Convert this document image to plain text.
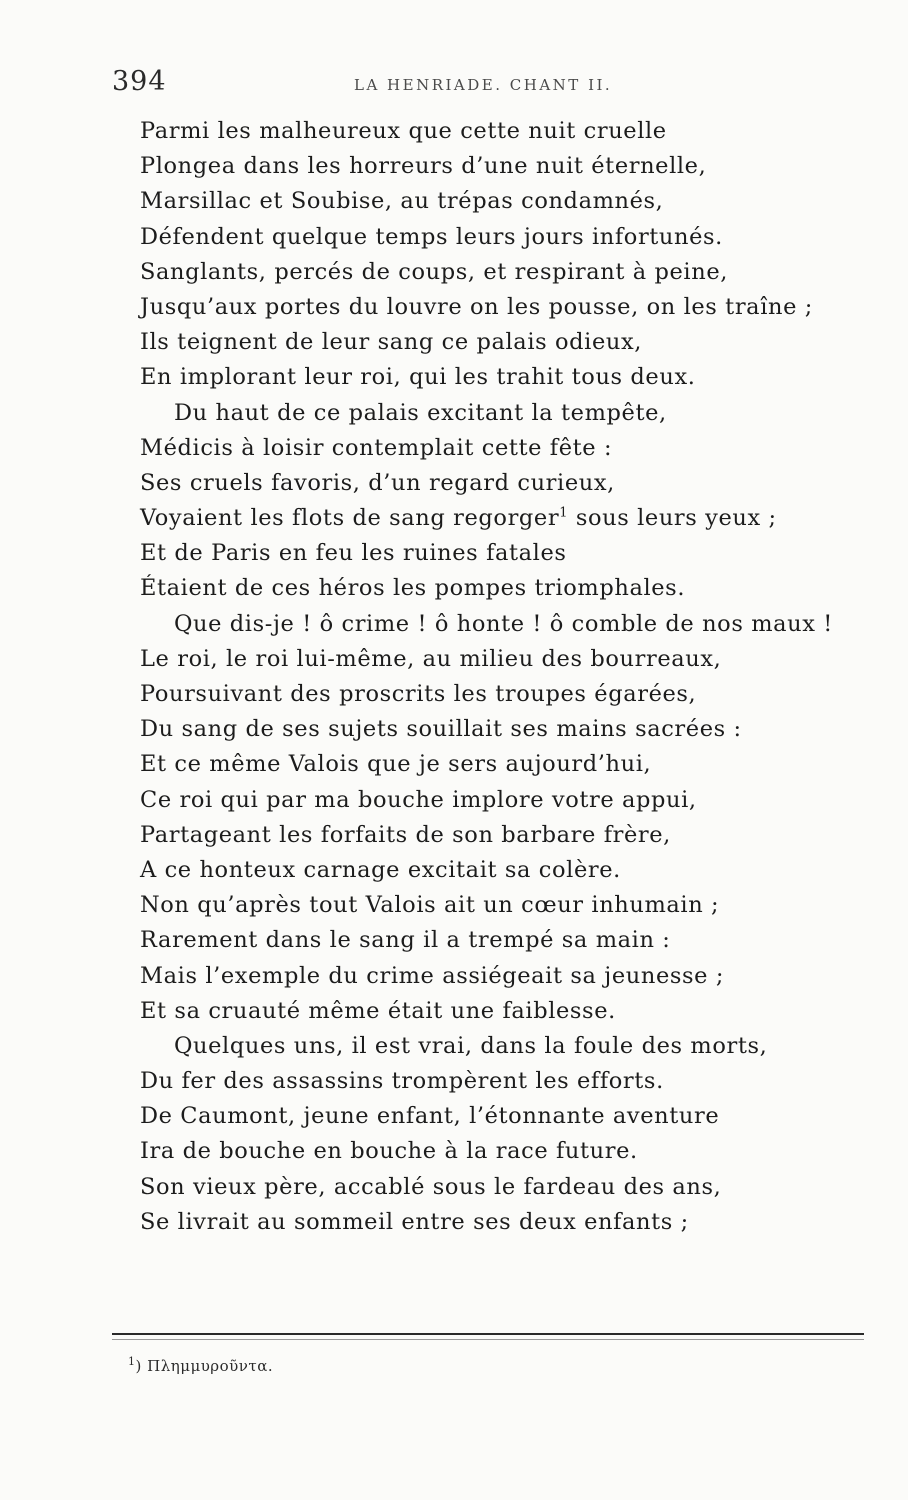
394	LA HENRIADE. CHANT II.
Parmi les malheureux que cette nuit cruelle
Plongea dans les horreurs d’une nuit éternelle,
Marsillac et Soubise, au trépas condamnés,
Défendent quelque temps leurs jours infortunés.
Sanglants, percés de coups, et respirant à peine,
Jusqu’aux portes du louvre on les pousse, on les traîne ;
Ils teignent de leur sang ce palais odieux,
En implorant leur roi, qui les trahit tous deux.
Du haut de ce palais excitant la tempête,
Médicis à loisir contemplait cette fête :
Ses cruels favoris, d’un regard curieux,
Voyaient les flots de sang regorger$^1$ sous leurs yeux ;
Et de Paris en feu les ruines fatales
Étaient de ces héros les pompes triomphales.
Que dis-je ! ô crime ! ô honte ! ô comble de nos maux !
Le roi, le roi lui-même, au milieu des bourreaux,
Poursuivant des proscrits les troupes égarées,
Du sang de ses sujets souillait ses mains sacrées :
Et ce même Valois que je sers aujourd’hui,
Ce roi qui par ma bouche implore votre appui,
Partageant les forfaits de son barbare frère,
A ce honteux carnage excitait sa colère.
Non qu’après tout Valois ait un cœur inhumain ;
Rarement dans le sang il a trempé sa main :
Mais l’exemple du crime assiégeait sa jeunesse ;
Et sa cruauté même était une faiblesse.
Quelques uns, il est vrai, dans la foule des morts,
Du fer des assassins trompèrent les efforts.
De Caumont, jeune enfant, l’étonnante aventure
Ira de bouche en bouche à la race future.
Son vieux père, accablé sous le fardeau des ans,
Se livrait au sommeil entre ses deux enfants ;
$^1$) Πλημμυροῦντα.
